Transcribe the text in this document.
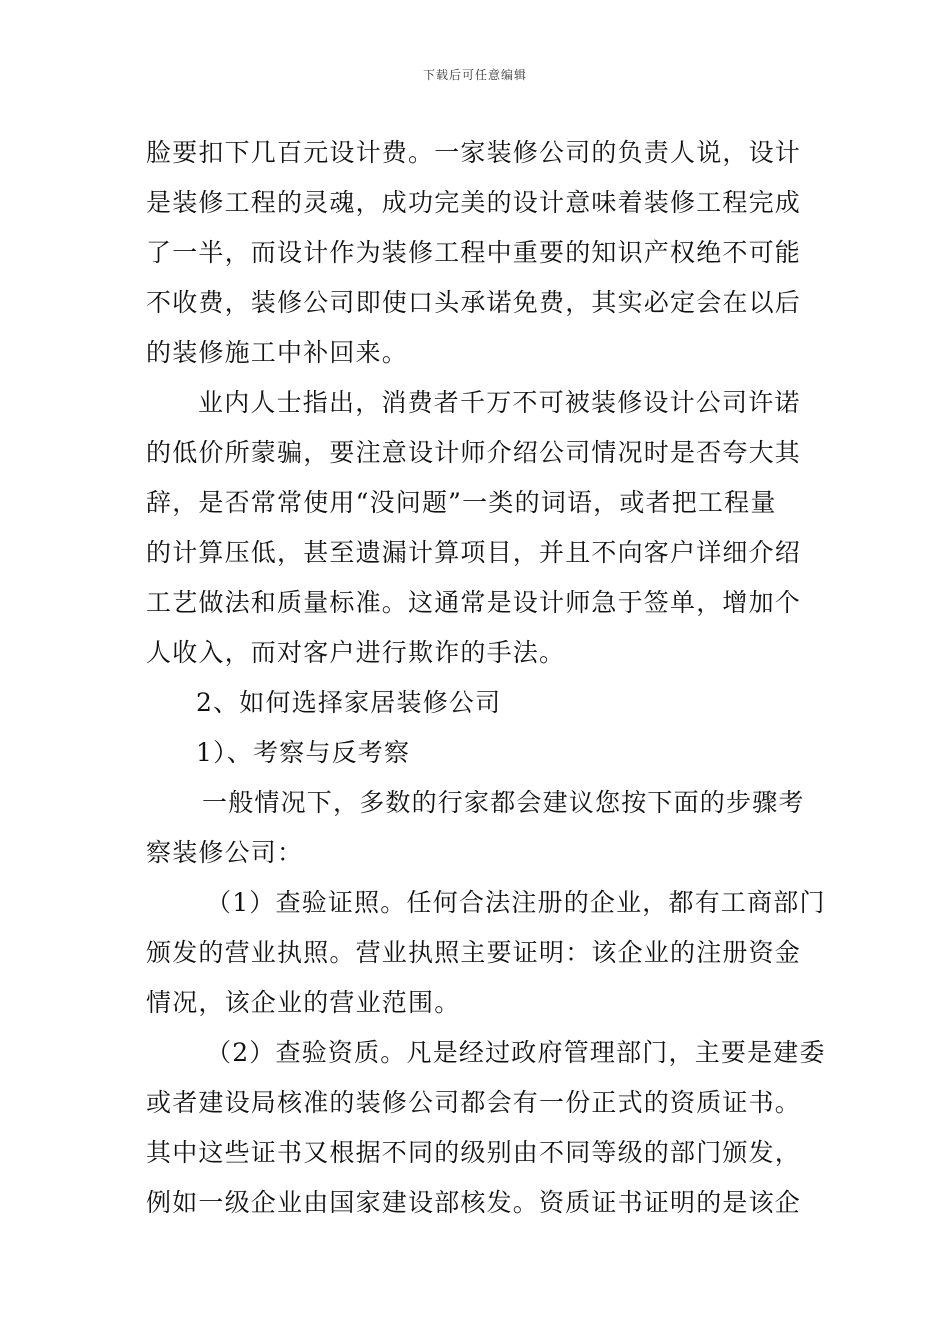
下载后可任意编辑
脸要扣下几百元设计费。一家装修公司的负责人说，设计
是装修工程的灵魂，成功完美的设计意味着装修工程完成
了一半，而设计作为装修工程中重要的知识产权绝不可能
不收费，装修公司即使口头承诺免费，其实必定会在以后
的装修施工中补回来。
业内人士指出，消费者千万不可被装修设计公司许诺
的低价所蒙骗，要注意设计师介绍公司情况时是否夸大其
辞，是否常常使用“没问题”一类的词语，或者把工程量
的计算压低，甚至遗漏计算项目，并且不向客户详细介绍
工艺做法和质量标准。这通常是设计师急于签单，增加个
人收入，而对客户进行欺诈的手法。
2、如何选择家居装修公司
1）、考察与反考察
一般情况下，多数的行家都会建议您按下面的步骤考
察装修公司：
（1）查验证照。任何合法注册的企业，都有工商部门
颁发的营业执照。营业执照主要证明：该企业的注册资金
情况，该企业的营业范围。
（2）查验资质。凡是经过政府管理部门，主要是建委
或者建设局核准的装修公司都会有一份正式的资质证书。
其中这些证书又根据不同的级别由不同等级的部门颁发，
例如一级企业由国家建设部核发。资质证书证明的是该企
